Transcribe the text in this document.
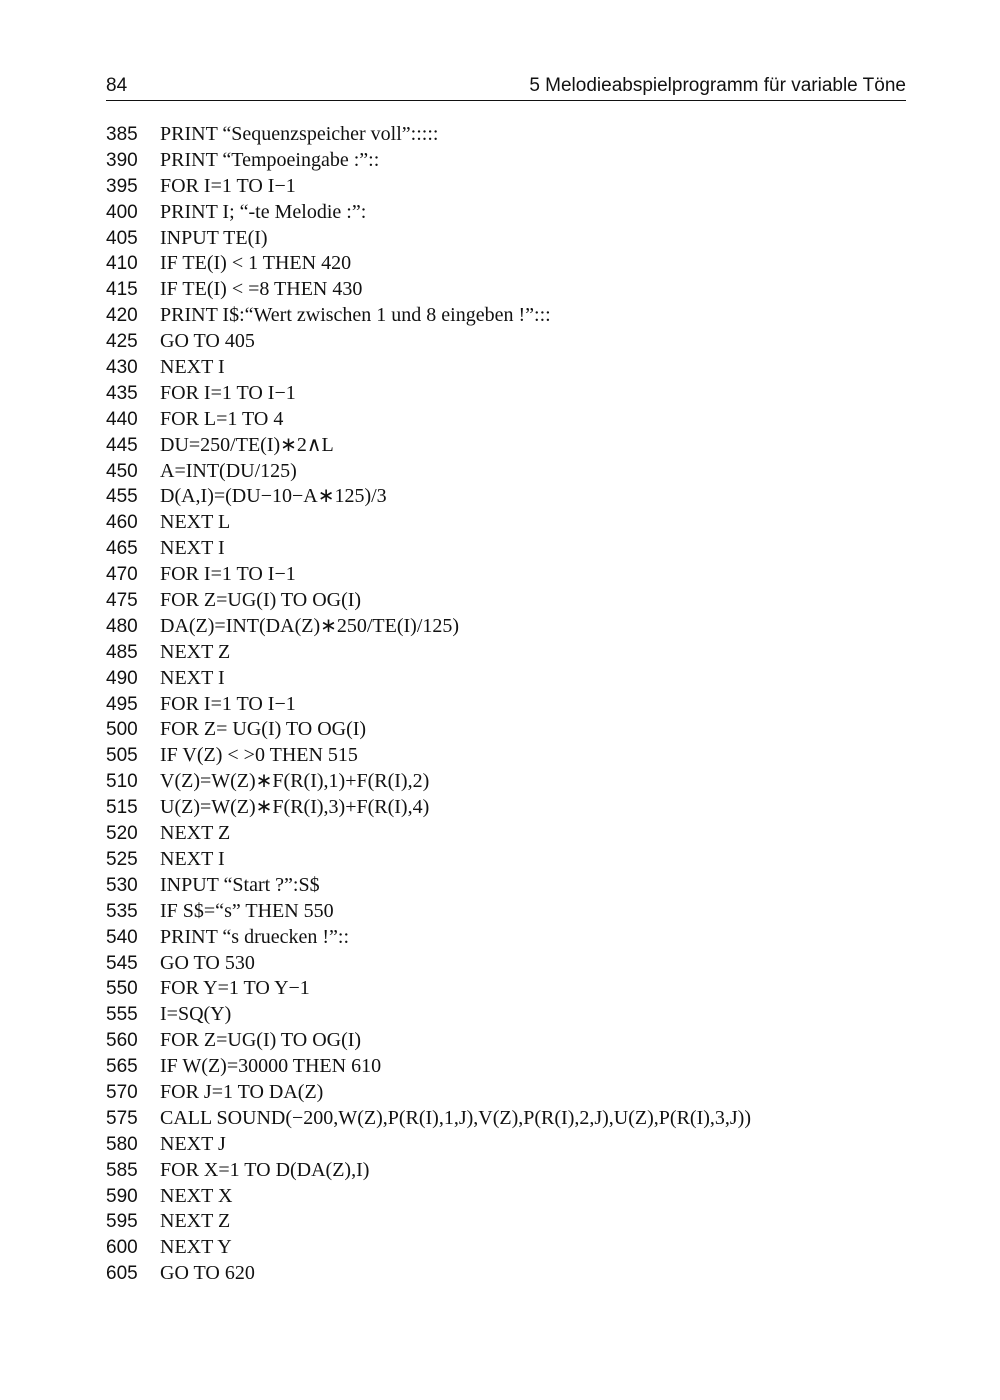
84	5 Melodieabspielprogramm für variable Töne
385	PRINT “Sequenzspeicher voll”:::::
390	PRINT “Tempoeingabe :”::
395	FOR I=1 TO I−1
400	PRINT I; “-te Melodie :”:
405	INPUT TE(I)
410	IF TE(I) < 1 THEN 420
415	IF TE(I) < =8 THEN 430
420	PRINT I$:“Wert zwischen 1 und 8 eingeben !”:::
425	GO TO 405
430	NEXT I
435	FOR I=1 TO I−1
440	FOR L=1 TO 4
445	DU=250/TE(I)∗2∧L
450	A=INT(DU/125)
455	D(A,I)=(DU−10−A∗125)/3
460	NEXT L
465	NEXT I
470	FOR I=1 TO I−1
475	FOR Z=UG(I) TO OG(I)
480	DA(Z)=INT(DA(Z)∗250/TE(I)/125)
485	NEXT Z
490	NEXT I
495	FOR I=1 TO I−1
500	FOR Z= UG(I) TO OG(I)
505	IF V(Z) < >0 THEN 515
510	V(Z)=W(Z)∗F(R(I),1)+F(R(I),2)
515	U(Z)=W(Z)∗F(R(I),3)+F(R(I),4)
520	NEXT Z
525	NEXT I
530	INPUT “Start ?”:S$
535	IF S$=“s” THEN 550
540	PRINT “s druecken !”::
545	GO TO 530
550	FOR Y=1 TO Y−1
555	I=SQ(Y)
560	FOR Z=UG(I) TO OG(I)
565	IF W(Z)=30000 THEN 610
570	FOR J=1 TO DA(Z)
575	CALL SOUND(−200,W(Z),P(R(I),1,J),V(Z),P(R(I),2,J),U(Z),P(R(I),3,J))
580	NEXT J
585	FOR X=1 TO D(DA(Z),I)
590	NEXT X
595	NEXT Z
600	NEXT Y
605	GO TO 620
